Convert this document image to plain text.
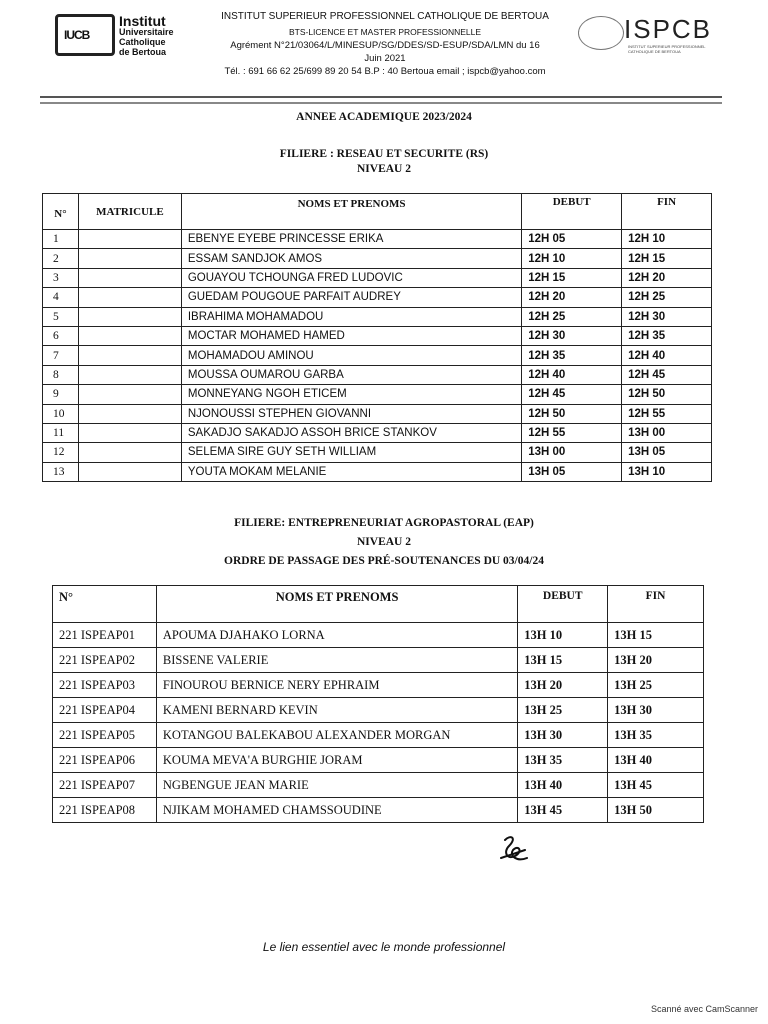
IUCB
Institut
Universitaire
Catholique
de Bertoua
INSTITUT SUPERIEUR PROFESSIONNEL CATHOLIQUE DE BERTOUA
BTS-LICENCE ET MASTER PROFESSIONNELLE
Agrément N°21/03064/L/MINESUP/SG/DDES/SD-ESUP/SDA/LMN du 16
Juin 2021
Tél. : 691 66 62 25/699 89 20 54 B.P : 40 Bertoua email ; ispcb@yahoo.com
ISPCB
INSTITUT SUPERIEUR PROFESSIONNEL CATHOLIQUE DE BERTOUA
ANNEE ACADEMIQUE 2023/2024
FILIERE : RESEAU ET SECURITE (RS)
NIVEAU 2
N°	MATRICULE	NOMS ET PRENOMS	DEBUT	FIN
1		EBENYE EYEBE PRINCESSE ERIKA	12H 05	12H 10
2		ESSAM SANDJOK AMOS	12H 10	12H 15
3		GOUAYOU TCHOUNGA FRED LUDOVIC	12H 15	12H 20
4		GUEDAM POUGOUE PARFAIT AUDREY	12H 20	12H 25
5		IBRAHIMA MOHAMADOU	12H 25	12H 30
6		MOCTAR MOHAMED HAMED	12H 30	12H 35
7		MOHAMADOU AMINOU	12H 35	12H 40
8		MOUSSA OUMAROU GARBA	12H 40	12H 45
9		MONNEYANG NGOH ETICEM	12H 45	12H 50
10		NJONOUSSI STEPHEN GIOVANNI	12H 50	12H 55
11		SAKADJO SAKADJO ASSOH BRICE STANKOV	12H 55	13H 00
12		SELEMA SIRE GUY SETH WILLIAM	13H 00	13H 05
13		YOUTA MOKAM MELANIE	13H 05	13H 10
FILIERE: ENTREPRENEURIAT AGROPASTORAL (EAP)
NIVEAU 2
ORDRE DE PASSAGE DES PRÉ-SOUTENANCES DU 03/04/24
N°	NOMS ET PRENOMS	DEBUT	FIN
221 ISPEAP01	APOUMA DJAHAKO LORNA	13H 10	13H 15
221 ISPEAP02	BISSENE VALERIE	13H 15	13H 20
221 ISPEAP03	FINOUROU BERNICE NERY EPHRAIM	13H 20	13H 25
221 ISPEAP04	KAMENI BERNARD KEVIN	13H 25	13H 30
221 ISPEAP05	KOTANGOU BALEKABOU ALEXANDER MORGAN	13H 30	13H 35
221 ISPEAP06	KOUMA MEVA'A BURGHIE JORAM	13H 35	13H 40
221 ISPEAP07	NGBENGUE JEAN MARIE	13H 40	13H 45
221 ISPEAP08	NJIKAM MOHAMED CHAMSSOUDINE	13H 45	13H 50
Le lien essentiel avec le monde professionnel
Scanné avec CamScanner
